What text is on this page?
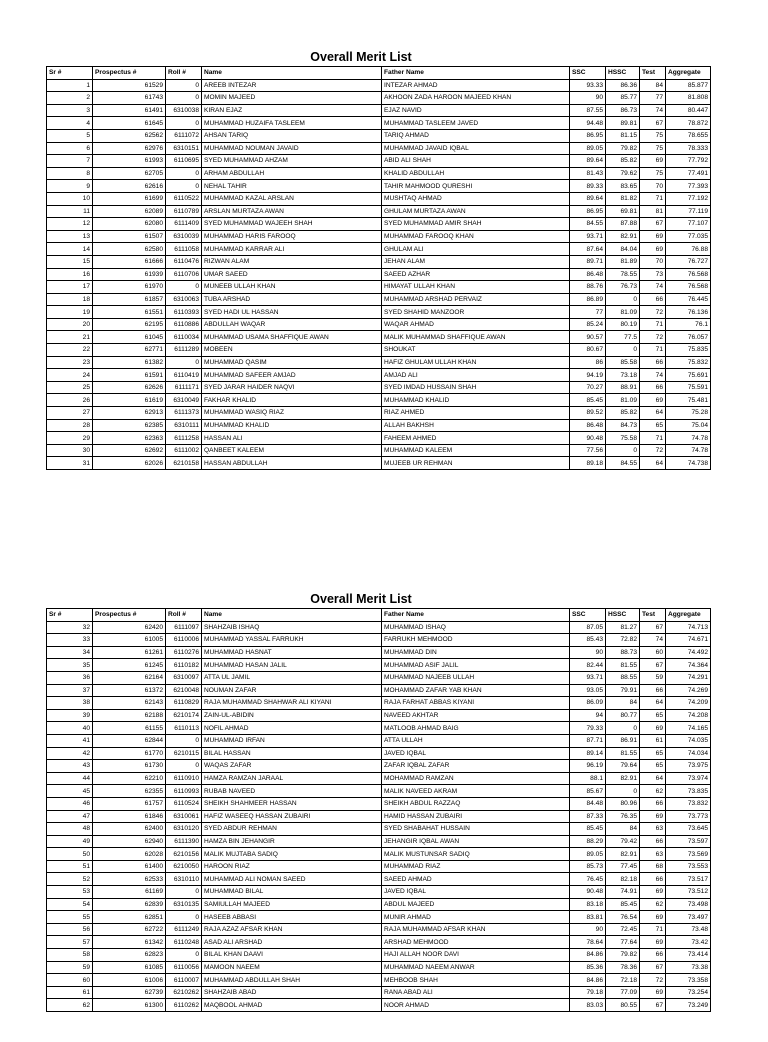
Overall Merit List
Sr #	Prospectus #	Roll #	Name	Father Name	SSC	HSSC	Test	Aggregate
1	61529	0	AREEB INTEZAR	INTEZAR AHMAD	93.33	86.36	84	85.877
2	61743	0	MOMIN MAJEED	AKHOON ZADA HAROON MAJEED KHAN	90	85.77	77	81.808
3	61491	6310038	KIRAN EJAZ	EJAZ NAVID	87.55	86.73	74	80.447
4	61645	0	MUHAMMAD HUZAIFA TASLEEM	MUHAMMAD TASLEEM JAVED	94.48	89.81	67	78.872
5	62562	6111072	AHSAN TARIQ	TARIQ AHMAD	86.95	81.15	75	78.655
6	62976	6310151	MUHAMMAD NOUMAN JAVAID	MUHAMMAD JAVAID IQBAL	89.05	79.82	75	78.333
7	61993	6110695	SYED MUHAMMAD AHZAM	ABID ALI SHAH	89.64	85.82	69	77.792
8	62705	0	ARHAM ABDULLAH	KHALID ABDULLAH	81.43	79.62	75	77.491
9	62616	0	NEHAL TAHIR	TAHIR MAHMOOD QURESHI	89.33	83.65	70	77.393
10	61699	6110522	MUHAMMAD KAZAL ARSLAN	MUSHTAQ AHMAD	89.64	81.82	71	77.192
11	62089	6110789	ARSLAN MURTAZA AWAN	GHULAM MURTAZA AWAN	86.95	69.81	81	77.119
12	62080	6111409	SYED MUHAMMAD WAJEEH SHAH	SYED MUHAMMAD AMIR SHAH	84.55	87.88	67	77.107
13	61507	6310039	MUHAMMAD HARIS FAROOQ	MUHAMMAD FAROOQ KHAN	93.71	82.91	69	77.035
14	62580	6111058	MUHAMMAD KARRAR ALI	GHULAM ALI	87.64	84.04	69	76.88
15	61666	6110476	RIZWAN ALAM	JEHAN ALAM	89.71	81.89	70	76.727
16	61939	6110706	UMAR SAEED	SAEED AZHAR	86.48	78.55	73	76.568
17	61970	0	MUNEEB ULLAH KHAN	HIMAYAT ULLAH KHAN	88.76	76.73	74	76.568
18	61857	6310063	TUBA ARSHAD	MUHAMMAD ARSHAD PERVAIZ	86.89	0	66	76.445
19	61551	6110393	SYED HADI UL HASSAN	SYED SHAHID MANZOOR	77	81.09	72	76.136
20	62195	6110886	ABDULLAH WAQAR	WAQAR AHMAD	85.24	80.19	71	76.1
21	61045	6110034	MUHAMMAD USAMA SHAFFIQUE AWAN	MALIK MUHAMMAD SHAFFIQUE AWAN	90.57	77.5	72	76.057
22	62771	6111289	MOBEEN	SHOUKAT	80.67	0	71	75.835
23	61382	0	MUHAMMAD QASIM	HAFIZ GHULAM ULLAH KHAN	86	85.58	66	75.832
24	61591	6110419	MUHAMMAD SAFEER AMJAD	AMJAD ALI	94.19	73.18	74	75.691
25	62626	6111171	SYED JARAR HAIDER NAQVI	SYED IMDAD HUSSAIN SHAH	70.27	88.91	66	75.591
26	61619	6310049	FAKHAR KHALID	MUHAMMAD KHALID	85.45	81.09	69	75.481
27	62913	6111373	MUHAMMAD WASIQ RIAZ	RIAZ AHMED	89.52	85.82	64	75.28
28	62385	6310111	MUHAMMAD KHALID	ALLAH BAKHSH	86.48	84.73	65	75.04
29	62363	6111258	HASSAN ALI	FAHEEM AHMED	90.48	75.58	71	74.78
30	62692	6111002	QANBEET KALEEM	MUHAMMAD KALEEM	77.56	0	72	74.78
31	62026	6210158	HASSAN ABDULLAH	MUJEEB UR REHMAN	89.18	84.55	64	74.738
Overall Merit List
Sr #	Prospectus #	Roll #	Name	Father Name	SSC	HSSC	Test	Aggregate
32	62420	6111097	SHAHZAIB ISHAQ	MUHAMMAD ISHAQ	87.05	81.27	67	74.713
33	61005	6110006	MUHAMMAD YASSAL FARRUKH	FARRUKH MEHMOOD	85.43	72.82	74	74.671
34	61261	6110276	MUHAMMAD HASNAT	MUHAMMAD DIN	90	88.73	60	74.492
35	61245	6110182	MUHAMMAD HASAN JALIL	MUHAMMAD ASIF JALIL	82.44	81.55	67	74.364
36	62164	6310097	ATTA UL JAMIL	MUHAMMAD NAJEEB ULLAH	93.71	88.55	59	74.291
37	61372	6210048	NOUMAN ZAFAR	MOHAMMAD ZAFAR YAB KHAN	93.05	79.91	66	74.269
38	62143	6110829	RAJA MUHAMMAD SHAHWAR ALI KIYANI	RAJA FARHAT ABBAS KIYANI	86.09	84	64	74.209
39	62188	6210174	ZAIN-UL-ABIDIN	NAVEED AKHTAR	94	80.77	65	74.208
40	61155	6110113	NOFIL AHMAD	MATLOOB AHMAD BAIG	79.33	0	69	74.165
41	62844	0	MUHAMMAD IRFAN	ATTA ULLAH	87.71	86.91	61	74.035
42	61770	6210115	BILAL HASSAN	JAVED IQBAL	89.14	81.55	65	74.034
43	61730	0	WAQAS ZAFAR	ZAFAR IQBAL ZAFAR	96.19	79.64	65	73.975
44	62210	6110910	HAMZA RAMZAN JARAAL	MOHAMMAD RAMZAN	88.1	82.91	64	73.974
45	62355	6110993	RUBAB NAVEED	MALIK NAVEED AKRAM	85.67	0	62	73.835
46	61757	6110524	SHEIKH SHAHMEER HASSAN	SHEIKH ABDUL RAZZAQ	84.48	80.96	66	73.832
47	61846	6310061	HAFIZ WASEEQ HASSAN ZUBAIRI	HAMID HASSAN ZUBAIRI	87.33	76.35	69	73.773
48	62400	6310120	SYED ABDUR REHMAN	SYED SHABAHAT HUSSAIN	85.45	84	63	73.645
49	62940	6111390	HAMZA BIN JEHANGIR	JEHANGIR IQBAL AWAN	88.29	79.42	66	73.597
50	62028	6210156	MALIK MUJTABA SADIQ	MALIK MUSTUNSAR SADIQ	89.05	82.91	63	73.569
51	61400	6210050	HAROON RIAZ	MUHAMMAD RIAZ	85.73	77.45	68	73.553
52	62533	6310110	MUHAMMAD ALI NOMAN SAEED	SAEED AHMAD	76.45	82.18	66	73.517
53	61169	0	MUHAMMAD BILAL	JAVED IQBAL	90.48	74.91	69	73.512
54	62839	6310135	SAMIULLAH MAJEED	ABDUL MAJEED	83.18	85.45	62	73.498
55	62851	0	HASEEB ABBASI	MUNIR AHMAD	83.81	76.54	69	73.497
56	62722	6111249	RAJA AZAZ AFSAR KHAN	RAJA MUHAMMAD AFSAR KHAN	90	72.45	71	73.48
57	61342	6110248	ASAD ALI ARSHAD	ARSHAD MEHMOOD	78.64	77.64	69	73.42
58	62823	0	BILAL KHAN DAAVI	HAJI ALLAH NOOR DAVI	84.86	79.82	66	73.414
59	61085	6110056	MAMOON NAEEM	MUHAMMAD NAEEM ANWAR	85.36	78.36	67	73.38
60	61006	6110007	MUHAMMAD ABDULLAH SHAH	MEHBOOB SHAH	84.86	72.18	72	73.358
61	62739	6210262	SHAHZAIB ABAD	RANA ABAD ALI	79.18	77.09	69	73.254
62	61300	6110262	MAQBOOL AHMAD	NOOR AHMAD	83.03	80.55	67	73.249
